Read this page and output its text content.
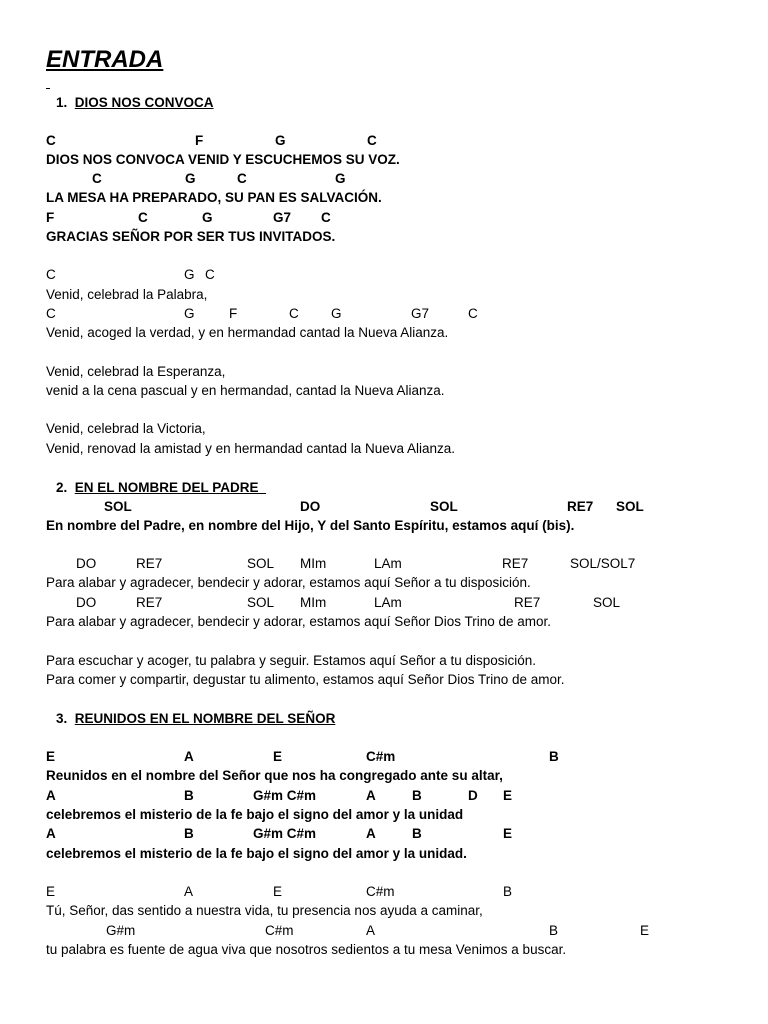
ENTRADA
1. DIOS NOS CONVOCA
C	F	G	C
DIOS NOS CONVOCA VENID Y ESCUCHEMOS SU VOZ.
C	G	C	G
LA MESA HA PREPARADO, SU PAN ES SALVACIÓN.
F	C	G	G7 C
GRACIAS SEÑOR POR SER TUS INVITADOS.
C	G C
Venid, celebrad la Palabra,
C	G	F	C G	G7	C
Venid, acoged la verdad, y en hermandad cantad la Nueva Alianza.
Venid, celebrad la Esperanza,
venid a la cena pascual y en hermandad, cantad la Nueva Alianza.
Venid, celebrad la Victoria,
Venid, renovad la amistad y en hermandad cantad la Nueva Alianza.
2. EN EL NOMBRE DEL PADRE
SOL	DO	SOL	RE7 SOL
En nombre del Padre, en nombre del Hijo, Y del Santo Espíritu, estamos aquí (bis).
DO	RE7	SOL MIm	LAm	RE7	SOL/SOL7
Para alabar y agradecer, bendecir y adorar, estamos aquí Señor a tu disposición.
DO	RE7	SOL MIm	LAm	RE7	SOL
Para alabar y agradecer, bendecir y adorar, estamos aquí Señor Dios Trino de amor.
Para escuchar y acoger, tu palabra y seguir. Estamos aquí Señor a tu disposición.
Para comer y compartir, degustar tu alimento, estamos aquí Señor Dios Trino de amor.
3. REUNIDOS EN EL NOMBRE DEL SEÑOR
E	A	E	C#m	B
Reunidos en el nombre del Señor que nos ha congregado ante su altar,
A	B	G#m C#m	A	B	D E
celebremos el misterio de la fe bajo el signo del amor y la unidad
A	B	G#m C#m	A	B	E
celebremos el misterio de la fe bajo el signo del amor y la unidad.
E	A	E	C#m	B
Tú, Señor, das sentido a nuestra vida, tu presencia nos ayuda a caminar,
G#m	C#m	A	B	E
tu palabra es fuente de agua viva que nosotros sedientos a tu mesa Venimos a buscar.
